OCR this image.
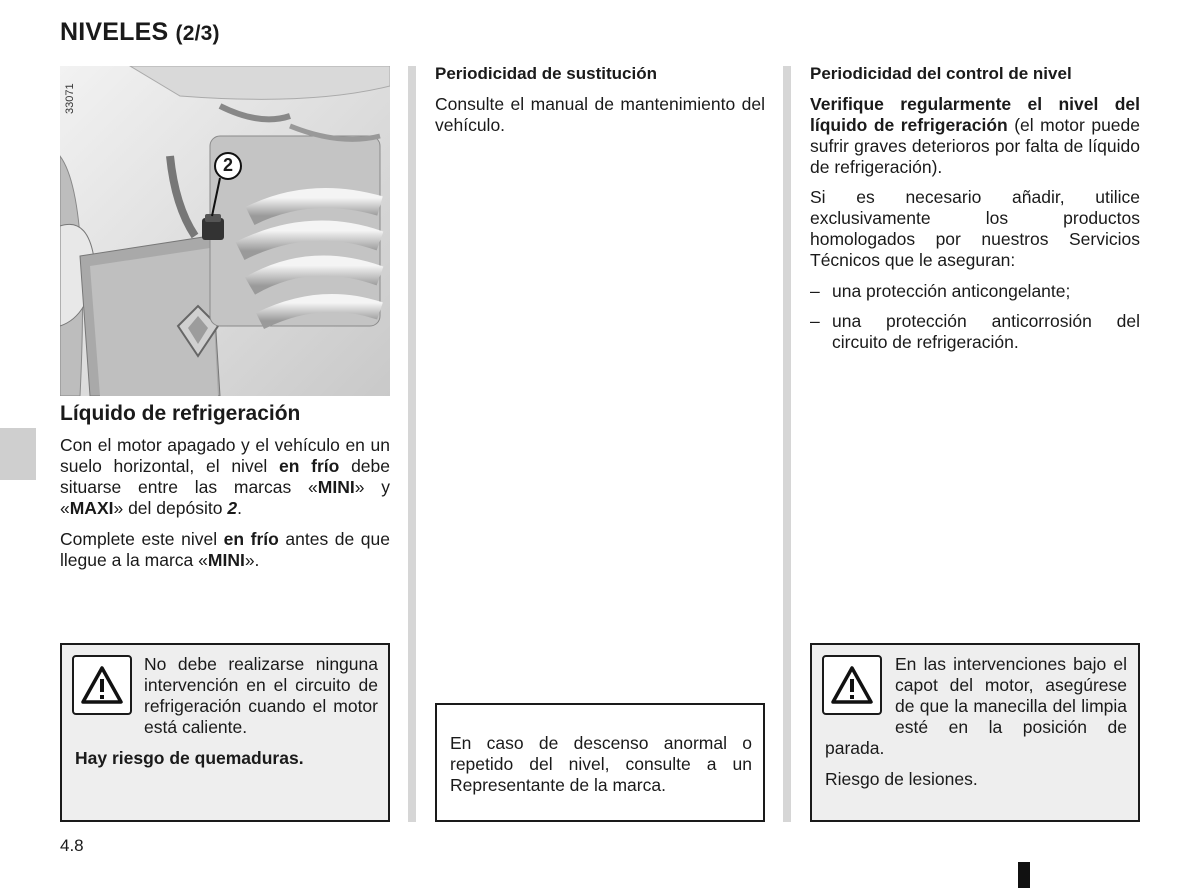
NIVELES (2/3)
33071
2
Líquido de refrigeración
Con el motor apagado y el vehículo en un suelo horizontal, el nivel en frío debe situarse entre las marcas «MINI» y «MAXI» del depósito 2.
Complete este nivel en frío antes de que llegue a la marca «MINI».
No debe realizarse ninguna intervención en el circuito de refrigeración cuando el motor está caliente.
Hay riesgo de quemaduras.
Periodicidad de sustitución
Consulte el manual de mantenimiento del vehículo.
En caso de descenso anormal o repetido del nivel, consulte a un Representante de la marca.
Periodicidad del control de nivel
Verifique regularmente el nivel del líquido de refrigeración (el motor puede sufrir graves deterioros por falta de líquido de refrigeración).
Si es necesario añadir, utilice exclusivamente los productos homologados por nuestros Servicios Técnicos que le aseguran:
– una protección anticongelante;
– una protección anticorrosión del circuito de refrigeración.
En las intervenciones bajo el capot del motor, asegúrese de que la manecilla del limpia esté en la posición de parada.
Riesgo de lesiones.
4.8
